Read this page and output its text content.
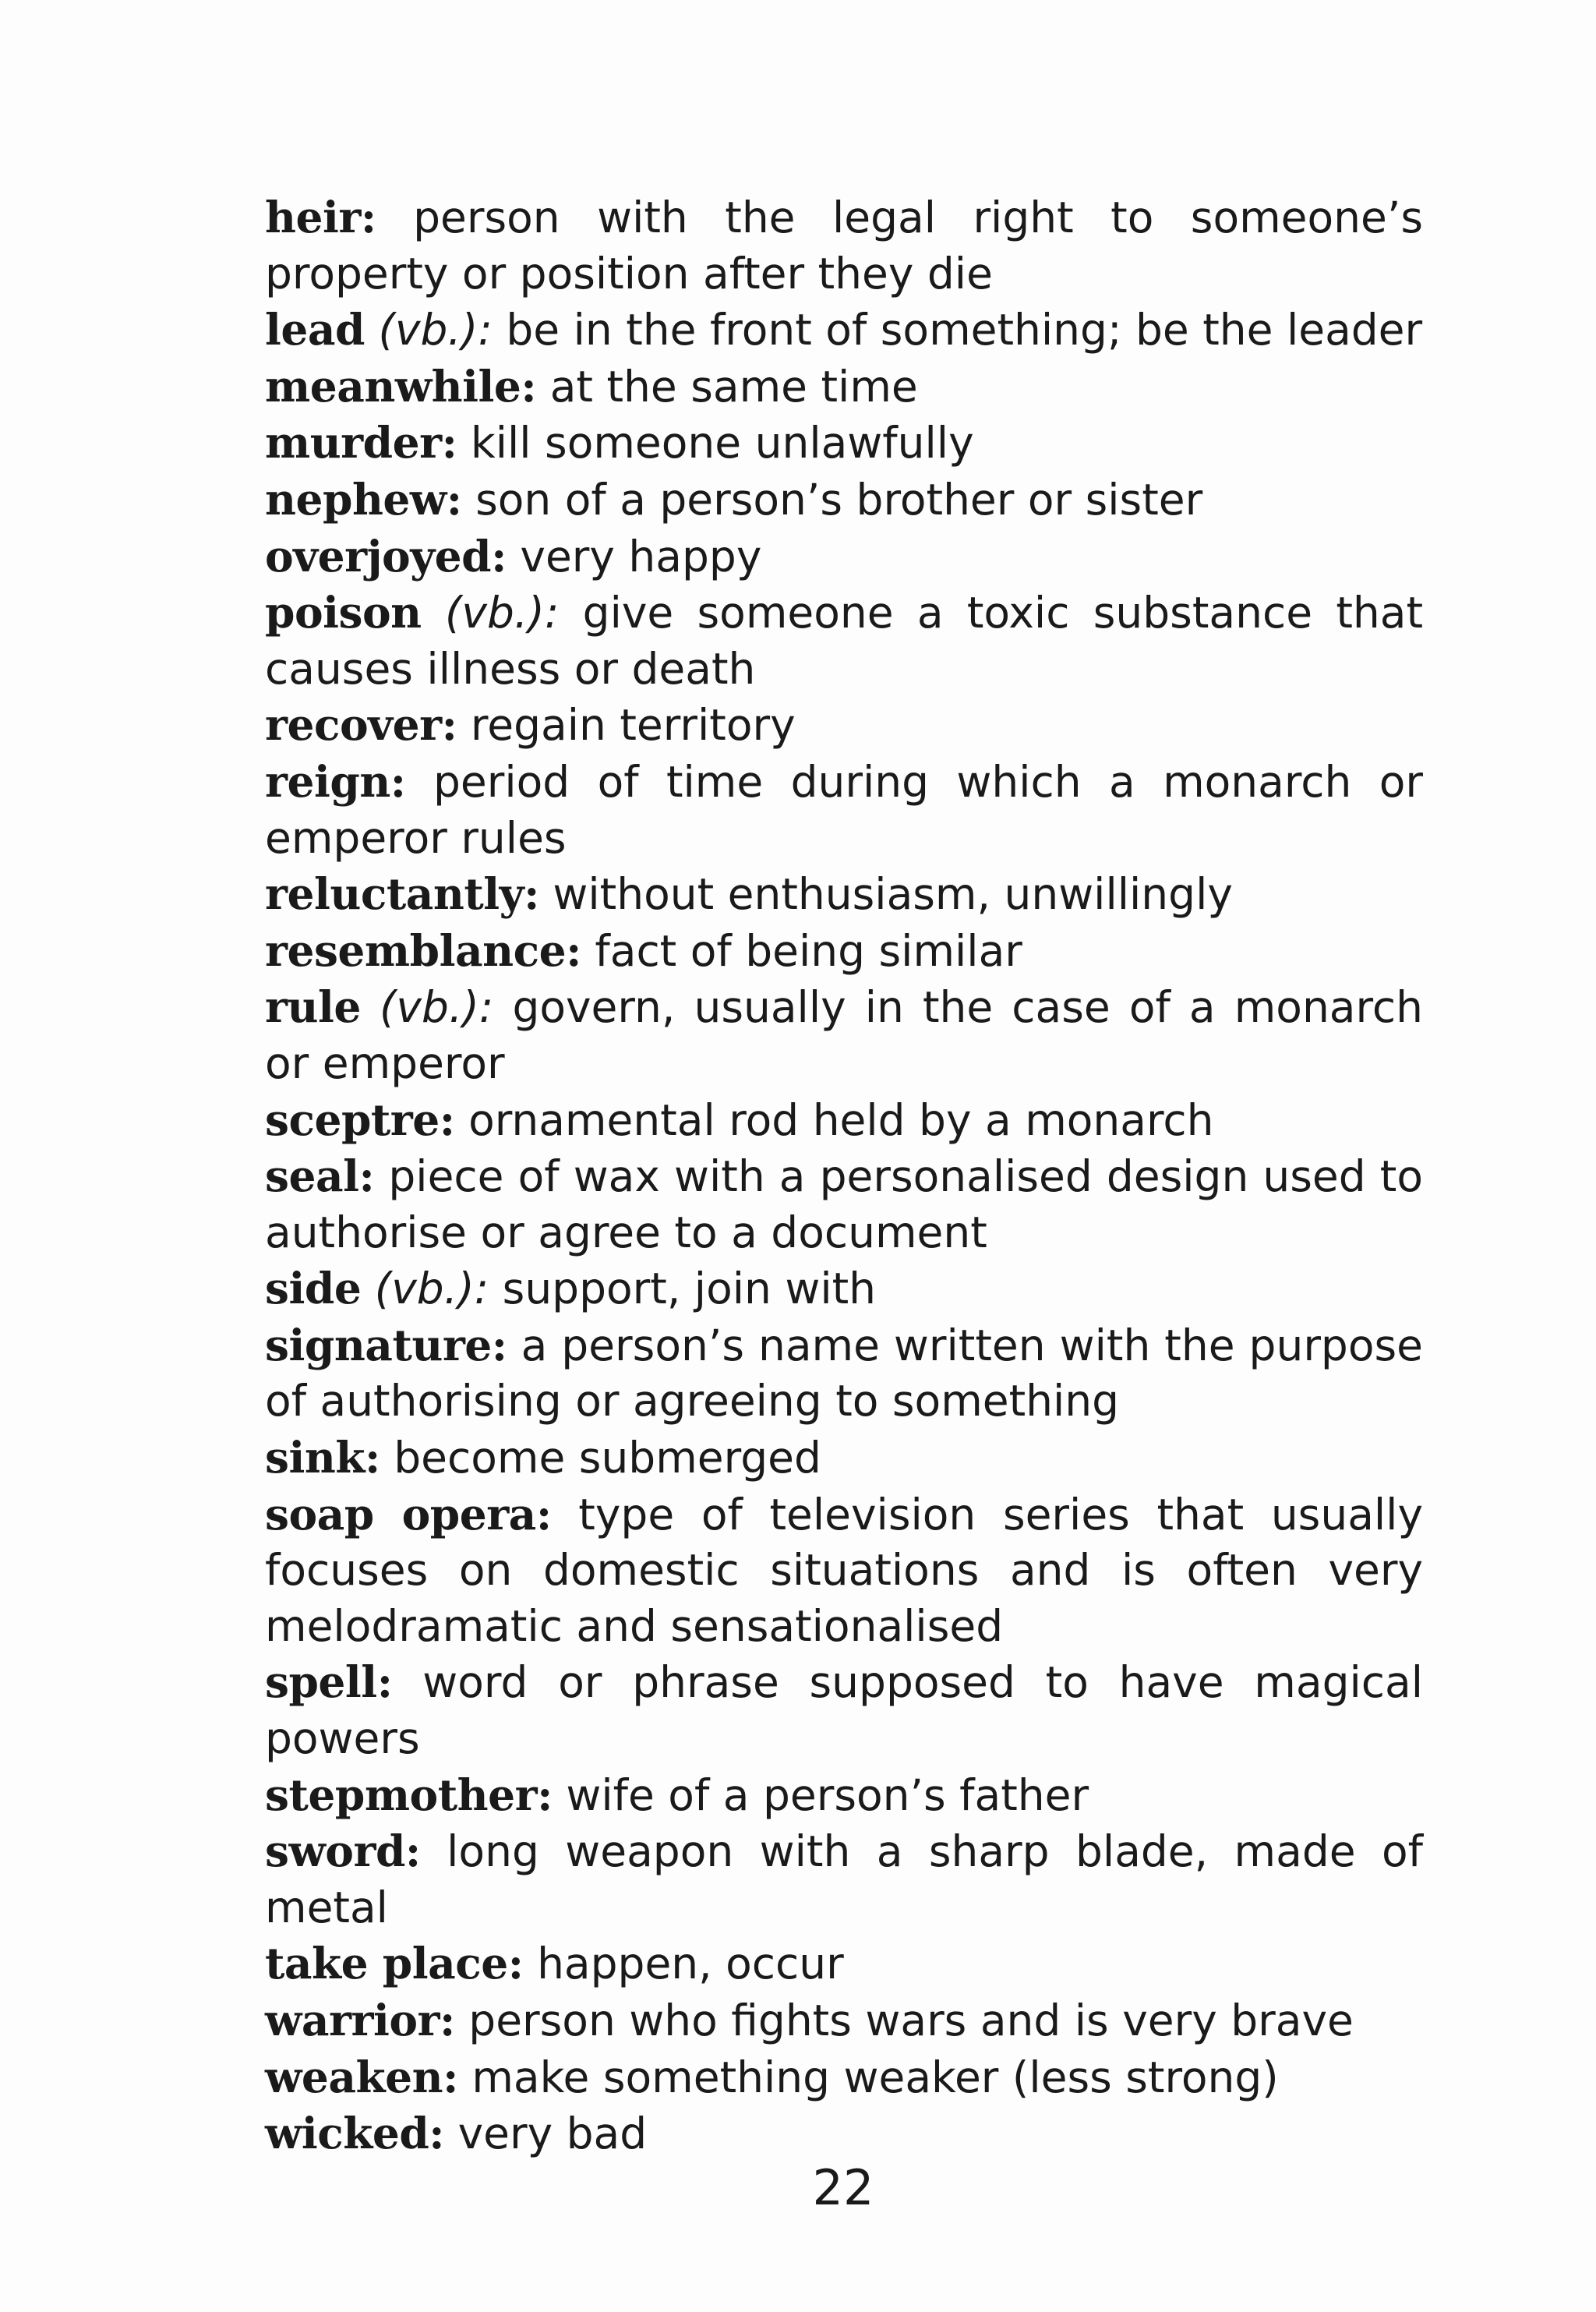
heir: person with the legal right to someone’s property or position after they die

lead (vb.): be in the front of something; be the leader

meanwhile: at the same time

murder: kill someone unlawfully

nephew: son of a person’s brother or sister

overjoyed: very happy

poison (vb.): give someone a toxic substance that causes illness or death

recover: regain territory

reign: period of time during which a monarch or emperor rules

reluctantly: without enthusiasm, unwillingly

resemblance: fact of being similar

rule (vb.): govern, usually in the case of a monarch or emperor

sceptre: ornamental rod held by a monarch

seal: piece of wax with a personalised design used to authorise or agree to a document

side (vb.): support, join with

signature: a person’s name written with the purpose of authorising or agreeing to something

sink: become submerged

soap opera: type of television series that usually focuses on domestic situations and is often very melodramatic and sensationalised

spell: word or phrase supposed to have magical powers

stepmother: wife of a person’s father

sword: long weapon with a sharp blade, made of metal

take place: happen, occur

warrior: person who fights wars and is very brave

weaken: make something weaker (less strong)

wicked: very bad

22
